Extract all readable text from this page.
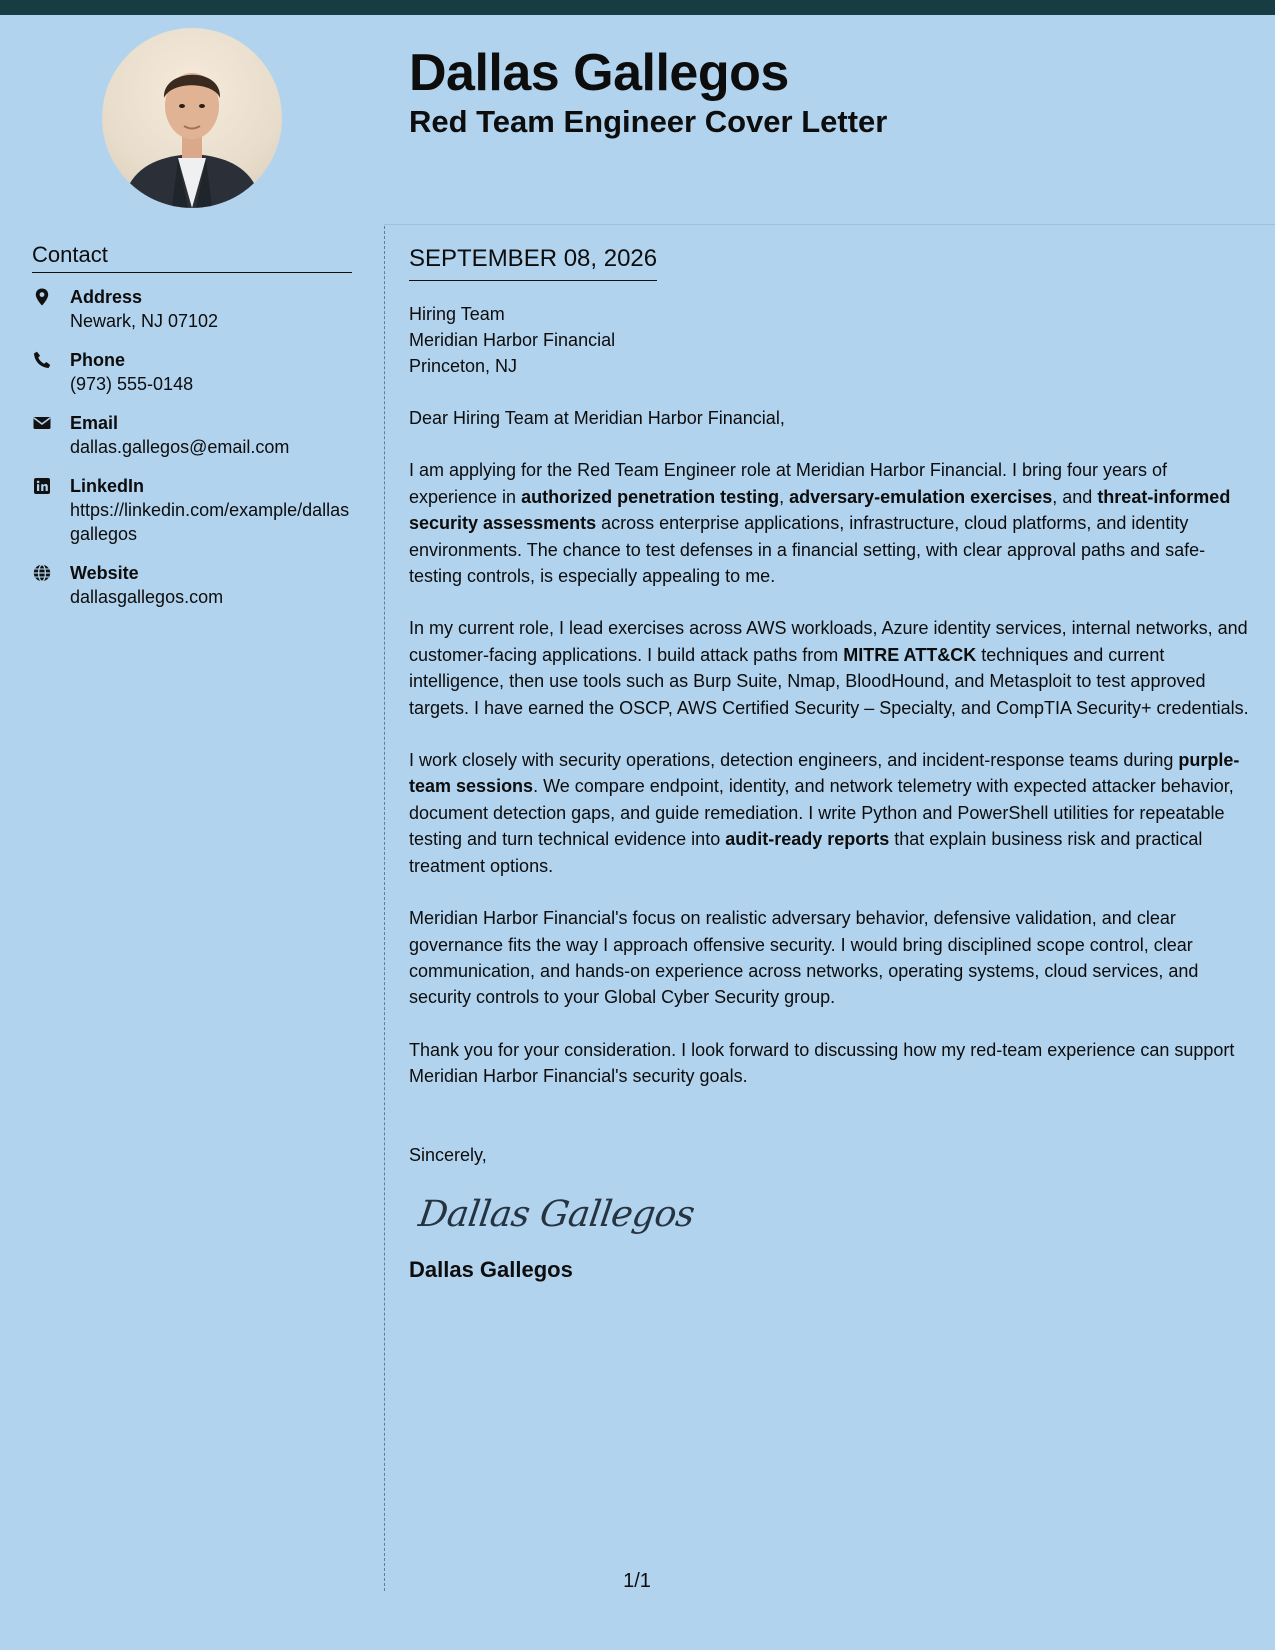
Dallas Gallegos
Red Team Engineer Cover Letter
Contact
Address
Newark, NJ 07102
Phone
(973) 555-0148
Email
dallas.gallegos@email.com
LinkedIn
https://linkedin.com/example/dallasgallegos
Website
dallasgallegos.com
SEPTEMBER 08, 2026
Hiring Team
Meridian Harbor Financial
Princeton, NJ

Dear Hiring Team at Meridian Harbor Financial,

I am applying for the Red Team Engineer role at Meridian Harbor Financial. I bring four years of experience in authorized penetration testing, adversary-emulation exercises, and threat-informed security assessments across enterprise applications, infrastructure, cloud platforms, and identity environments. The chance to test defenses in a financial setting, with clear approval paths and safe-testing controls, is especially appealing to me.

In my current role, I lead exercises across AWS workloads, Azure identity services, internal networks, and customer-facing applications. I build attack paths from MITRE ATT&CK techniques and current intelligence, then use tools such as Burp Suite, Nmap, BloodHound, and Metasploit to test approved targets. I have earned the OSCP, AWS Certified Security – Specialty, and CompTIA Security+ credentials.

I work closely with security operations, detection engineers, and incident-response teams during purple-team sessions. We compare endpoint, identity, and network telemetry with expected attacker behavior, document detection gaps, and guide remediation. I write Python and PowerShell utilities for repeatable testing and turn technical evidence into audit-ready reports that explain business risk and practical treatment options.

Meridian Harbor Financial's focus on realistic adversary behavior, defensive validation, and clear governance fits the way I approach offensive security. I would bring disciplined scope control, clear communication, and hands-on experience across networks, operating systems, cloud services, and security controls to your Global Cyber Security group.

Thank you for your consideration. I look forward to discussing how my red-team experience can support Meridian Harbor Financial's security goals.

Sincerely,
Dallas Gallegos
Dallas Gallegos
1/1
